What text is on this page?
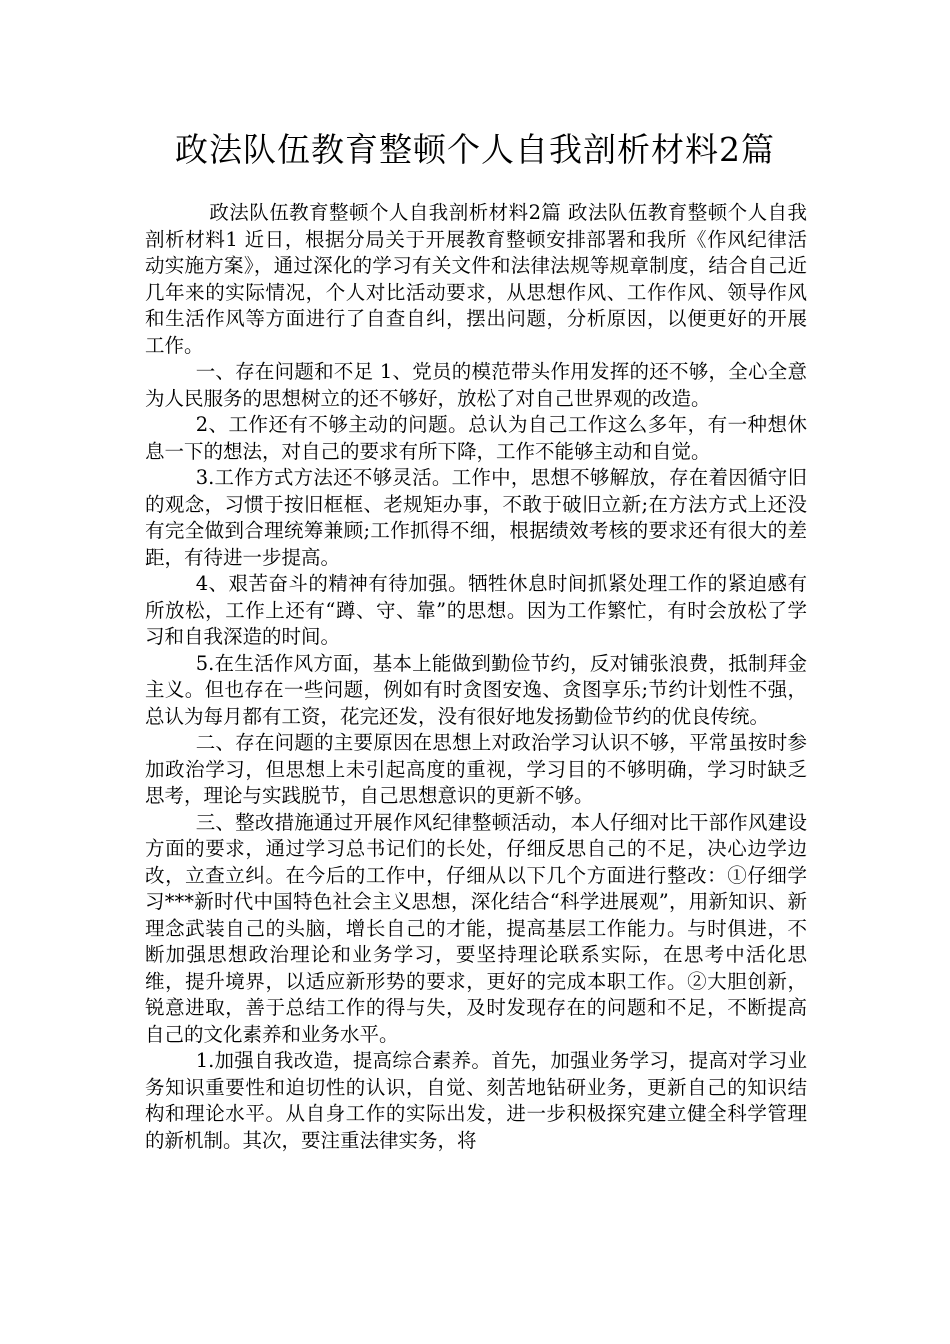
政法队伍教育整顿个人自我剖析材料2篇

政法队伍教育整顿个人自我剖析材料2篇 政法队伍教育整顿个人自我剖析材料1 近日，根据分局关于开展教育整顿安排部署和我所《作风纪律活动实施方案》，通过深化的学习有关文件和法律法规等规章制度，结合自己近几年来的实际情况，个人对比活动要求，从思想作风、工作作风、领导作风和生活作风等方面进行了自查自纠，摆出问题，分析原因，以便更好的开展工作。

一、存在问题和不足 1、党员的模范带头作用发挥的还不够，全心全意为人民服务的思想树立的还不够好，放松了对自己世界观的改造。

2、工作还有不够主动的问题。总认为自己工作这么多年，有一种想休息一下的想法，对自己的要求有所下降，工作不能够主动和自觉。

3.工作方式方法还不够灵活。工作中，思想不够解放，存在着因循守旧的观念，习惯于按旧框框、老规矩办事，不敢于破旧立新;在方法方式上还没有完全做到合理统筹兼顾;工作抓得不细，根据绩效考核的要求还有很大的差距，有待进一步提高。

4、艰苦奋斗的精神有待加强。牺牲休息时间抓紧处理工作的紧迫感有所放松，工作上还有“蹲、守、靠”的思想。因为工作繁忙，有时会放松了学习和自我深造的时间。

5.在生活作风方面，基本上能做到勤俭节约，反对铺张浪费，抵制拜金主义。但也存在一些问题，例如有时贪图安逸、贪图享乐;节约计划性不强，总认为每月都有工资，花完还发，没有很好地发扬勤俭节约的优良传统。

二、存在问题的主要原因在思想上对政治学习认识不够，平常虽按时参加政治学习，但思想上未引起高度的重视，学习目的不够明确，学习时缺乏思考，理论与实践脱节，自己思想意识的更新不够。

三、整改措施通过开展作风纪律整顿活动，本人仔细对比干部作风建设方面的要求，通过学习总书记们的长处，仔细反思自己的不足，决心边学边改，立查立纠。在今后的工作中，仔细从以下几个方面进行整改：①仔细学习***新时代中国特色社会主义思想，深化结合“科学进展观”，用新知识、新理念武装自己的头脑，增长自己的才能，提高基层工作能力。与时俱进，不断加强思想政治理论和业务学习，要坚持理论联系实际，在思考中活化思维，提升境界，以适应新形势的要求，更好的完成本职工作。②大胆创新，锐意进取，善于总结工作的得与失，及时发现存在的问题和不足，不断提高自己的文化素养和业务水平。

1.加强自我改造，提高综合素养。首先，加强业务学习，提高对学习业务知识重要性和迫切性的认识，自觉、刻苦地钻研业务，更新自己的知识结构和理论水平。从自身工作的实际出发，进一步积极探究建立健全科学管理的新机制。其次，要注重法律实务，将
